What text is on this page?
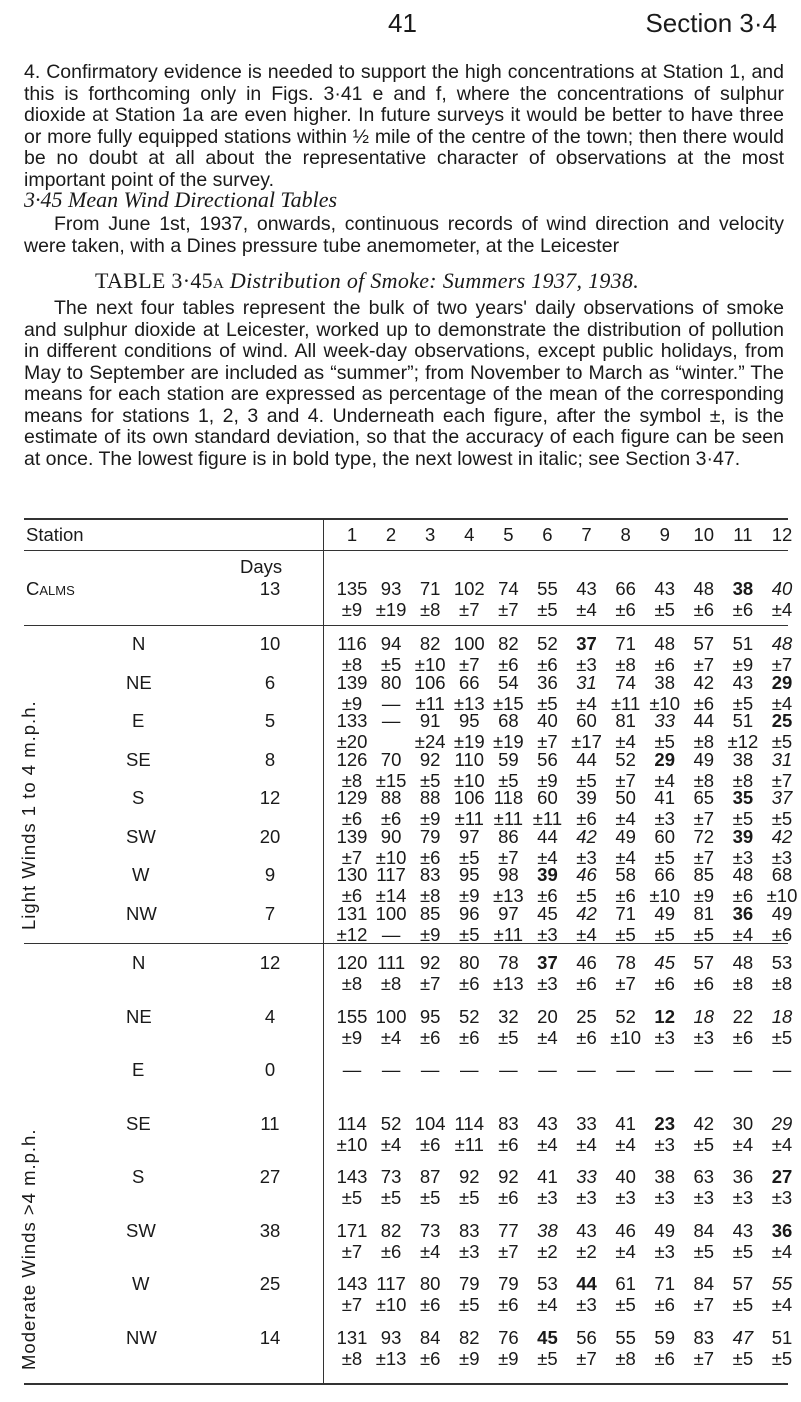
41	Section 3·4
4. Confirmatory evidence is needed to support the high concentrations at Station 1, and this is forthcoming only in Figs. 3·41 e and f, where the concentrations of sulphur dioxide at Station 1a are even higher. In future surveys it would be better to have three or more fully equipped stations within ½ mile of the centre of the town; then there would be no doubt at all about the representative character of observations at the most important point of the survey.
3·45 Mean Wind Directional Tables
From June 1st, 1937, onwards, continuous records of wind direction and velocity were taken, with a Dines pressure tube anemometer, at the Leicester
TABLE 3·45a Distribution of Smoke: Summers 1937, 1938.
The next four tables represent the bulk of two years' daily observations of smoke and sulphur dioxide at Leicester, worked up to demonstrate the distribution of pollution in different conditions of wind. All week-day observations, except public holidays, from May to September are included as “summer”; from November to March as “winter.” The means for each station are expressed as percentage of the mean of the corresponding means for stations 1, 2, 3 and 4. Underneath each figure, after the symbol ±, is the estimate of its own standard deviation, so that the accuracy of each figure can be seen at once. The lowest figure is in bold type, the next lowest in italic; see Section 3·47.
Station	1 2 3 4 5 6 7 8 9 10 11 12
Days
Calms	13	135 93 71 102 74 55 43 66 43 48 38 40
±9 ±19 ±8 ±7 ±7 ±5 ±4 ±6 ±5 ±6 ±6 ±4
N	10	116 94 82 100 82 52 37 71 48 57 51 48
±8 ±5 ±10 ±7 ±6 ±6 ±3 ±8 ±6 ±7 ±9 ±7
NE	6	139 80 106 66 54 36 31 74 38 42 43 29
±9 — ±11 ±13 ±15 ±5 ±4 ±11 ±10 ±6 ±5 ±4
E	5	133 — 91 95 68 40 60 81 33 44 51 25
±20	±24 ±19 ±19 ±7 ±17 ±4 ±5 ±8 ±12 ±5
SE	8	126 70 92 110 59 56 44 52 29 49 38 31
±8 ±15 ±5 ±10 ±5 ±9 ±5 ±7 ±4 ±8 ±8 ±7
S	12	129 88 88 106 118 60 39 50 41 65 35 37
±6 ±6 ±9 ±11 ±11 ±11 ±6 ±4 ±3 ±7 ±5 ±5
SW	20	139 90 79 97 86 44 42 49 60 72 39 42
±7 ±10 ±6 ±5 ±7 ±4 ±3 ±4 ±5 ±7 ±3 ±3
W	9	130 117 83 95 98 39 46 58 66 85 48 68
±6 ±14 ±8 ±9 ±13 ±6 ±5 ±6 ±10 ±9 ±6 ±10
NW	7	131 100 85 96 97 45 42 71 49 81 36 49
±12 — ±9 ±5 ±11 ±3 ±4 ±5 ±5 ±5 ±4 ±6
Light Winds 1 to 4 m.p.h.
N	12	120 111 92 80 78 37 46 78 45 57 48 53
±8 ±8 ±7 ±6 ±13 ±3 ±6 ±7 ±6 ±6 ±8 ±8
NE	4	155 100 95 52 32 20 25 52 12 18 22 18
±9 ±4 ±6 ±6 ±5 ±4 ±6 ±10 ±3 ±3 ±6 ±5
E	0	— — — — — — — — — — — —
SE	11	114 52 104 114 83 43 33 41 23 42 30 29
±10 ±4 ±6 ±11 ±6 ±4 ±4 ±4 ±3 ±5 ±4 ±4
S	27	143 73 87 92 92 41 33 40 38 63 36 27
±5 ±5 ±5 ±5 ±6 ±3 ±3 ±3 ±3 ±3 ±3 ±3
SW	38	171 82 73 83 77 38 43 46 49 84 43 36
±7 ±6 ±4 ±3 ±7 ±2 ±2 ±4 ±3 ±5 ±5 ±4
W	25	143 117 80 79 79 53 44 61 71 84 57 55
±7 ±10 ±6 ±5 ±6 ±4 ±3 ±5 ±6 ±7 ±5 ±4
NW	14	131 93 84 82 76 45 56 55 59 83 47 51
±8 ±13 ±6 ±9 ±9 ±5 ±7 ±8 ±6 ±7 ±5 ±5
Moderate Winds >4 m.p.h.
